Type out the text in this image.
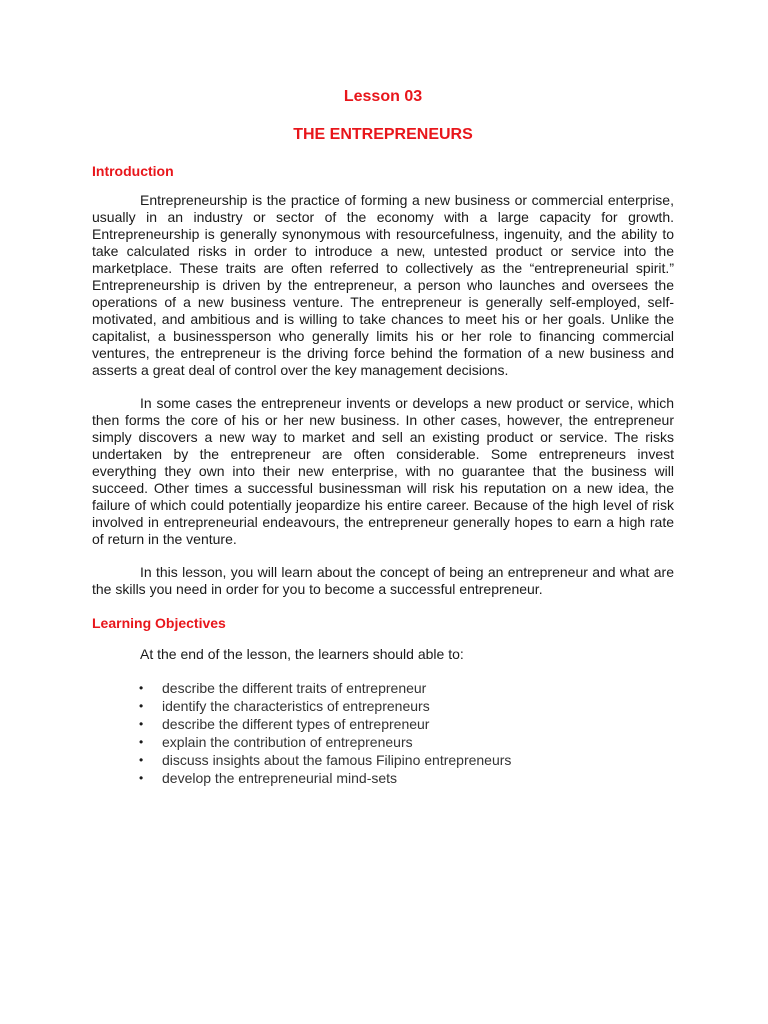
Lesson 03
THE ENTREPRENEURS
Introduction

Entrepreneurship is the practice of forming a new business or commercial enterprise, usually in an industry or sector of the economy with a large capacity for growth. Entrepreneurship is generally synonymous with resourcefulness, ingenuity, and the ability to take calculated risks in order to introduce a new, untested product or service into the marketplace. These traits are often referred to collectively as the “entrepreneurial spirit.” Entrepreneurship is driven by the entrepreneur, a person who launches and oversees the operations of a new business venture. The entrepreneur is generally self-employed, self-motivated, and ambitious and is willing to take chances to meet his or her goals. Unlike the capitalist, a businessperson who generally limits his or her role to financing commercial ventures, the entrepreneur is the driving force behind the formation of a new business and asserts a great deal of control over the key management decisions.

In some cases the entrepreneur invents or develops a new product or service, which then forms the core of his or her new business. In other cases, however, the entrepreneur simply discovers a new way to market and sell an existing product or service. The risks undertaken by the entrepreneur are often considerable. Some entrepreneurs invest everything they own into their new enterprise, with no guarantee that the business will succeed. Other times a successful businessman will risk his reputation on a new idea, the failure of which could potentially jeopardize his entire career. Because of the high level of risk involved in entrepreneurial endeavours, the entrepreneur generally hopes to earn a high rate of return in the venture.

In this lesson, you will learn about the concept of being an entrepreneur and what are the skills you need in order for you to become a successful entrepreneur.

Learning Objectives

At the end of the lesson, the learners should able to:

• describe the different traits of entrepreneur
• identify the characteristics of entrepreneurs
• describe the different types of entrepreneur
• explain the contribution of entrepreneurs
• discuss insights about the famous Filipino entrepreneurs
• develop the entrepreneurial mind-sets
